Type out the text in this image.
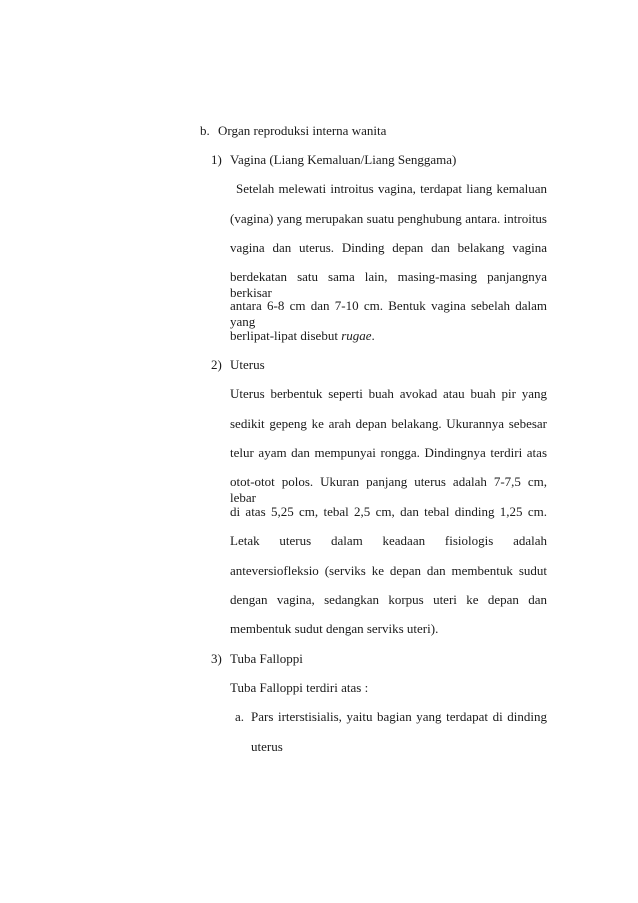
b. Organ reproduksi interna wanita
1) Vagina (Liang Kemaluan/Liang Senggama)
Setelah melewati introitus vagina, terdapat liang kemaluan
(vagina) yang merupakan suatu penghubung antara. introitus
vagina dan uterus. Dinding depan dan belakang vagina
berdekatan satu sama lain, masing-masing panjangnya berkisar
antara 6-8 cm dan 7-10 cm. Bentuk vagina sebelah dalam yang
berlipat-lipat disebut rugae.
2) Uterus
Uterus berbentuk seperti buah avokad atau buah pir yang
sedikit gepeng ke arah depan belakang. Ukurannya sebesar
telur ayam dan mempunyai rongga. Dindingnya terdiri atas
otot-otot polos. Ukuran panjang uterus adalah 7-7,5 cm, lebar
di atas 5,25 cm, tebal 2,5 cm, dan tebal dinding 1,25 cm.
Letak uterus dalam keadaan fisiologis adalah
anteversiofleksio (serviks ke depan dan membentuk sudut
dengan vagina, sedangkan korpus uteri ke depan dan
membentuk sudut dengan serviks uteri).
3) Tuba Falloppi
Tuba Falloppi terdiri atas :
a. Pars irterstisialis, yaitu bagian yang terdapat di dinding
uterus
